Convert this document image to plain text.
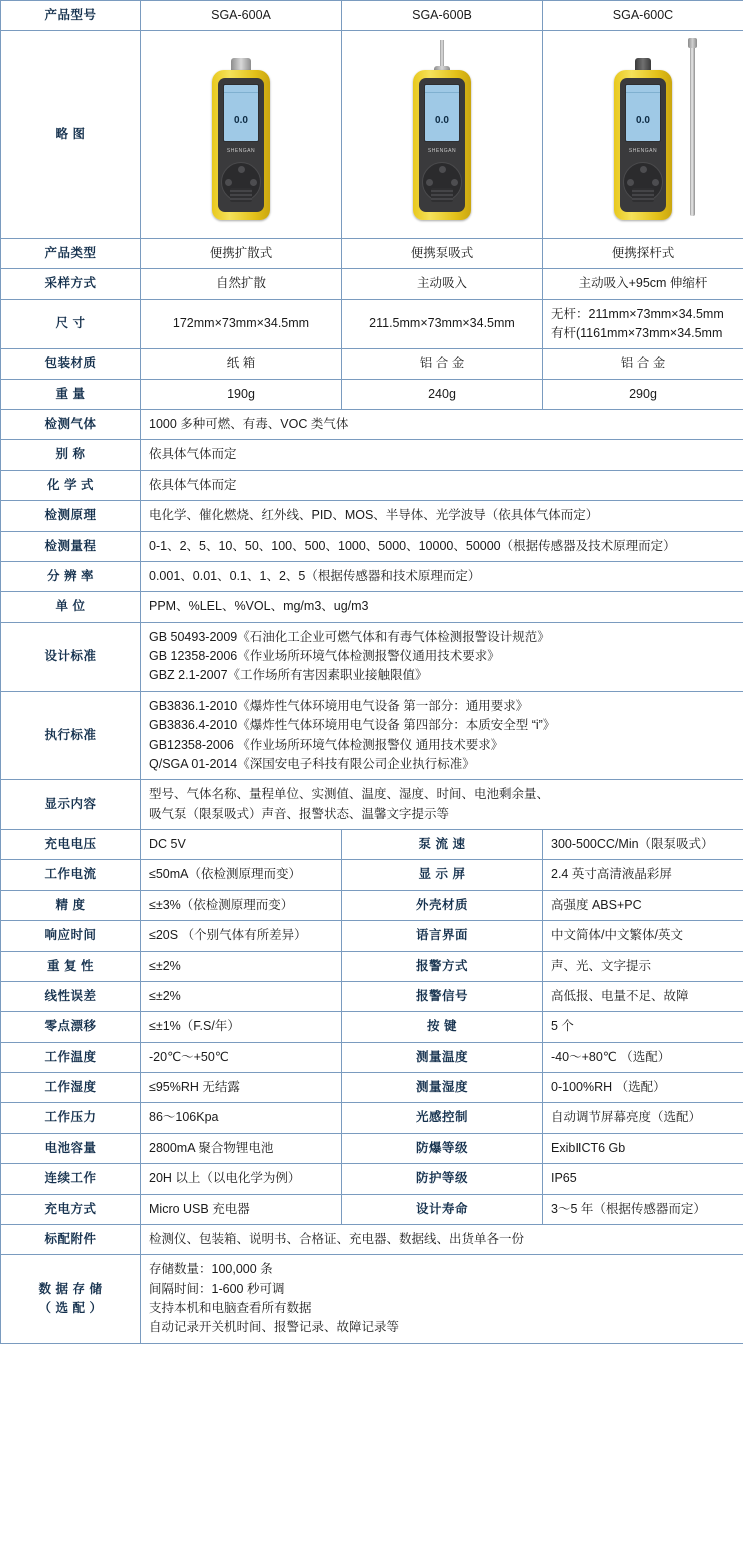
产品型号	SGA-600A	SGA-600B	SGA-600C
略 图	

0.0
SHENGAN

0.0
SHENGAN

0.0
SHENGAN

产品类型	便携扩散式	便携泵吸式	便携探杆式
采样方式	自然扩散	主动吸入	主动吸入+95cm 伸缩杆
尺 寸	172mm×73mm×34.5mm	211.5mm×73mm×34.5mm	无杆：211mm×73mm×34.5mm
有杆(1161mm×73mm×34.5mm

包装材质	纸 箱	铝 合 金	铝 合 金
重 量	190g	240g	290g
检测气体	1000 多种可燃、有毒、VOC 类气体		
别 称	依具体气体而定		
化 学 式	依具体气体而定		
检测原理	电化学、催化燃烧、红外线、PID、MOS、半导体、光学波导（依具体气体而定）		
检测量程	0-1、2、5、10、50、100、500、1000、5000、10000、50000（根据传感器及技术原理而定）		
分 辨 率	0.001、0.01、0.1、1、2、5（根据传感器和技术原理而定）		
单 位	PPM、%LEL、%VOL、mg/m3、ug/m3		
设计标准	GB 50493-2009《石油化工企业可燃气体和有毒气体检测报警设计规范》
GB 12358-2006《作业场所环境气体检测报警仪通用技术要求》
GBZ 2.1-2007《工作场所有害因素职业接触限值》		

执行标准	GB3836.1-2010《爆炸性气体环境用电气设备 第一部分：通用要求》
GB3836.4-2010《爆炸性气体环境用电气设备 第四部分：本质安全型 “i”》
GB12358-2006 《作业场所环境气体检测报警仪 通用技术要求》
Q/SGA 01-2014《深国安电子科技有限公司企业执行标准》		

显示内容	型号、气体名称、量程单位、实测值、温度、湿度、时间、电池剩余量、
吸气泵（限泵吸式）声音、报警状态、温馨文字提示等		

充电电压	DC 5V	泵 流 速	300-500CC/Min（限泵吸式）
工作电流	≤50mA（依检测原理而变）	显 示 屏	2.4 英寸高清液晶彩屏
精 度	≤±3%（依检测原理而变）	外壳材质	高强度 ABS+PC
响应时间	≤20S （个别气体有所差异）	语言界面	中文简体/中文繁体/英文
重 复 性	≤±2%	报警方式	声、光、文字提示
线性误差	≤±2%	报警信号	高低报、电量不足、故障
零点漂移	≤±1%（F.S/年）	按 键	5 个
工作温度	-20℃～+50℃	测量温度	-40～+80℃ （选配）
工作湿度	≤95%RH 无结露	测量湿度	0-100%RH （选配）
工作压力	86～106Kpa	光感控制	自动调节屏幕亮度（选配）
电池容量	2800mA 聚合物锂电池	防爆等级	ExibⅡCT6 Gb
连续工作	20H 以上（以电化学为例）	防护等级	IP65
充电方式	Micro USB 充电器	设计寿命	3～5 年（根据传感器而定）
标配附件	检测仪、包装箱、说明书、合格证、充电器、数据线、出货单各一份		

数 据 存 储
（ 选 配 ）	存储数量：100,000 条
间隔时间：1-600 秒可调
支持本机和电脑查看所有数据
自动记录开关机时间、报警记录、故障记录等		
